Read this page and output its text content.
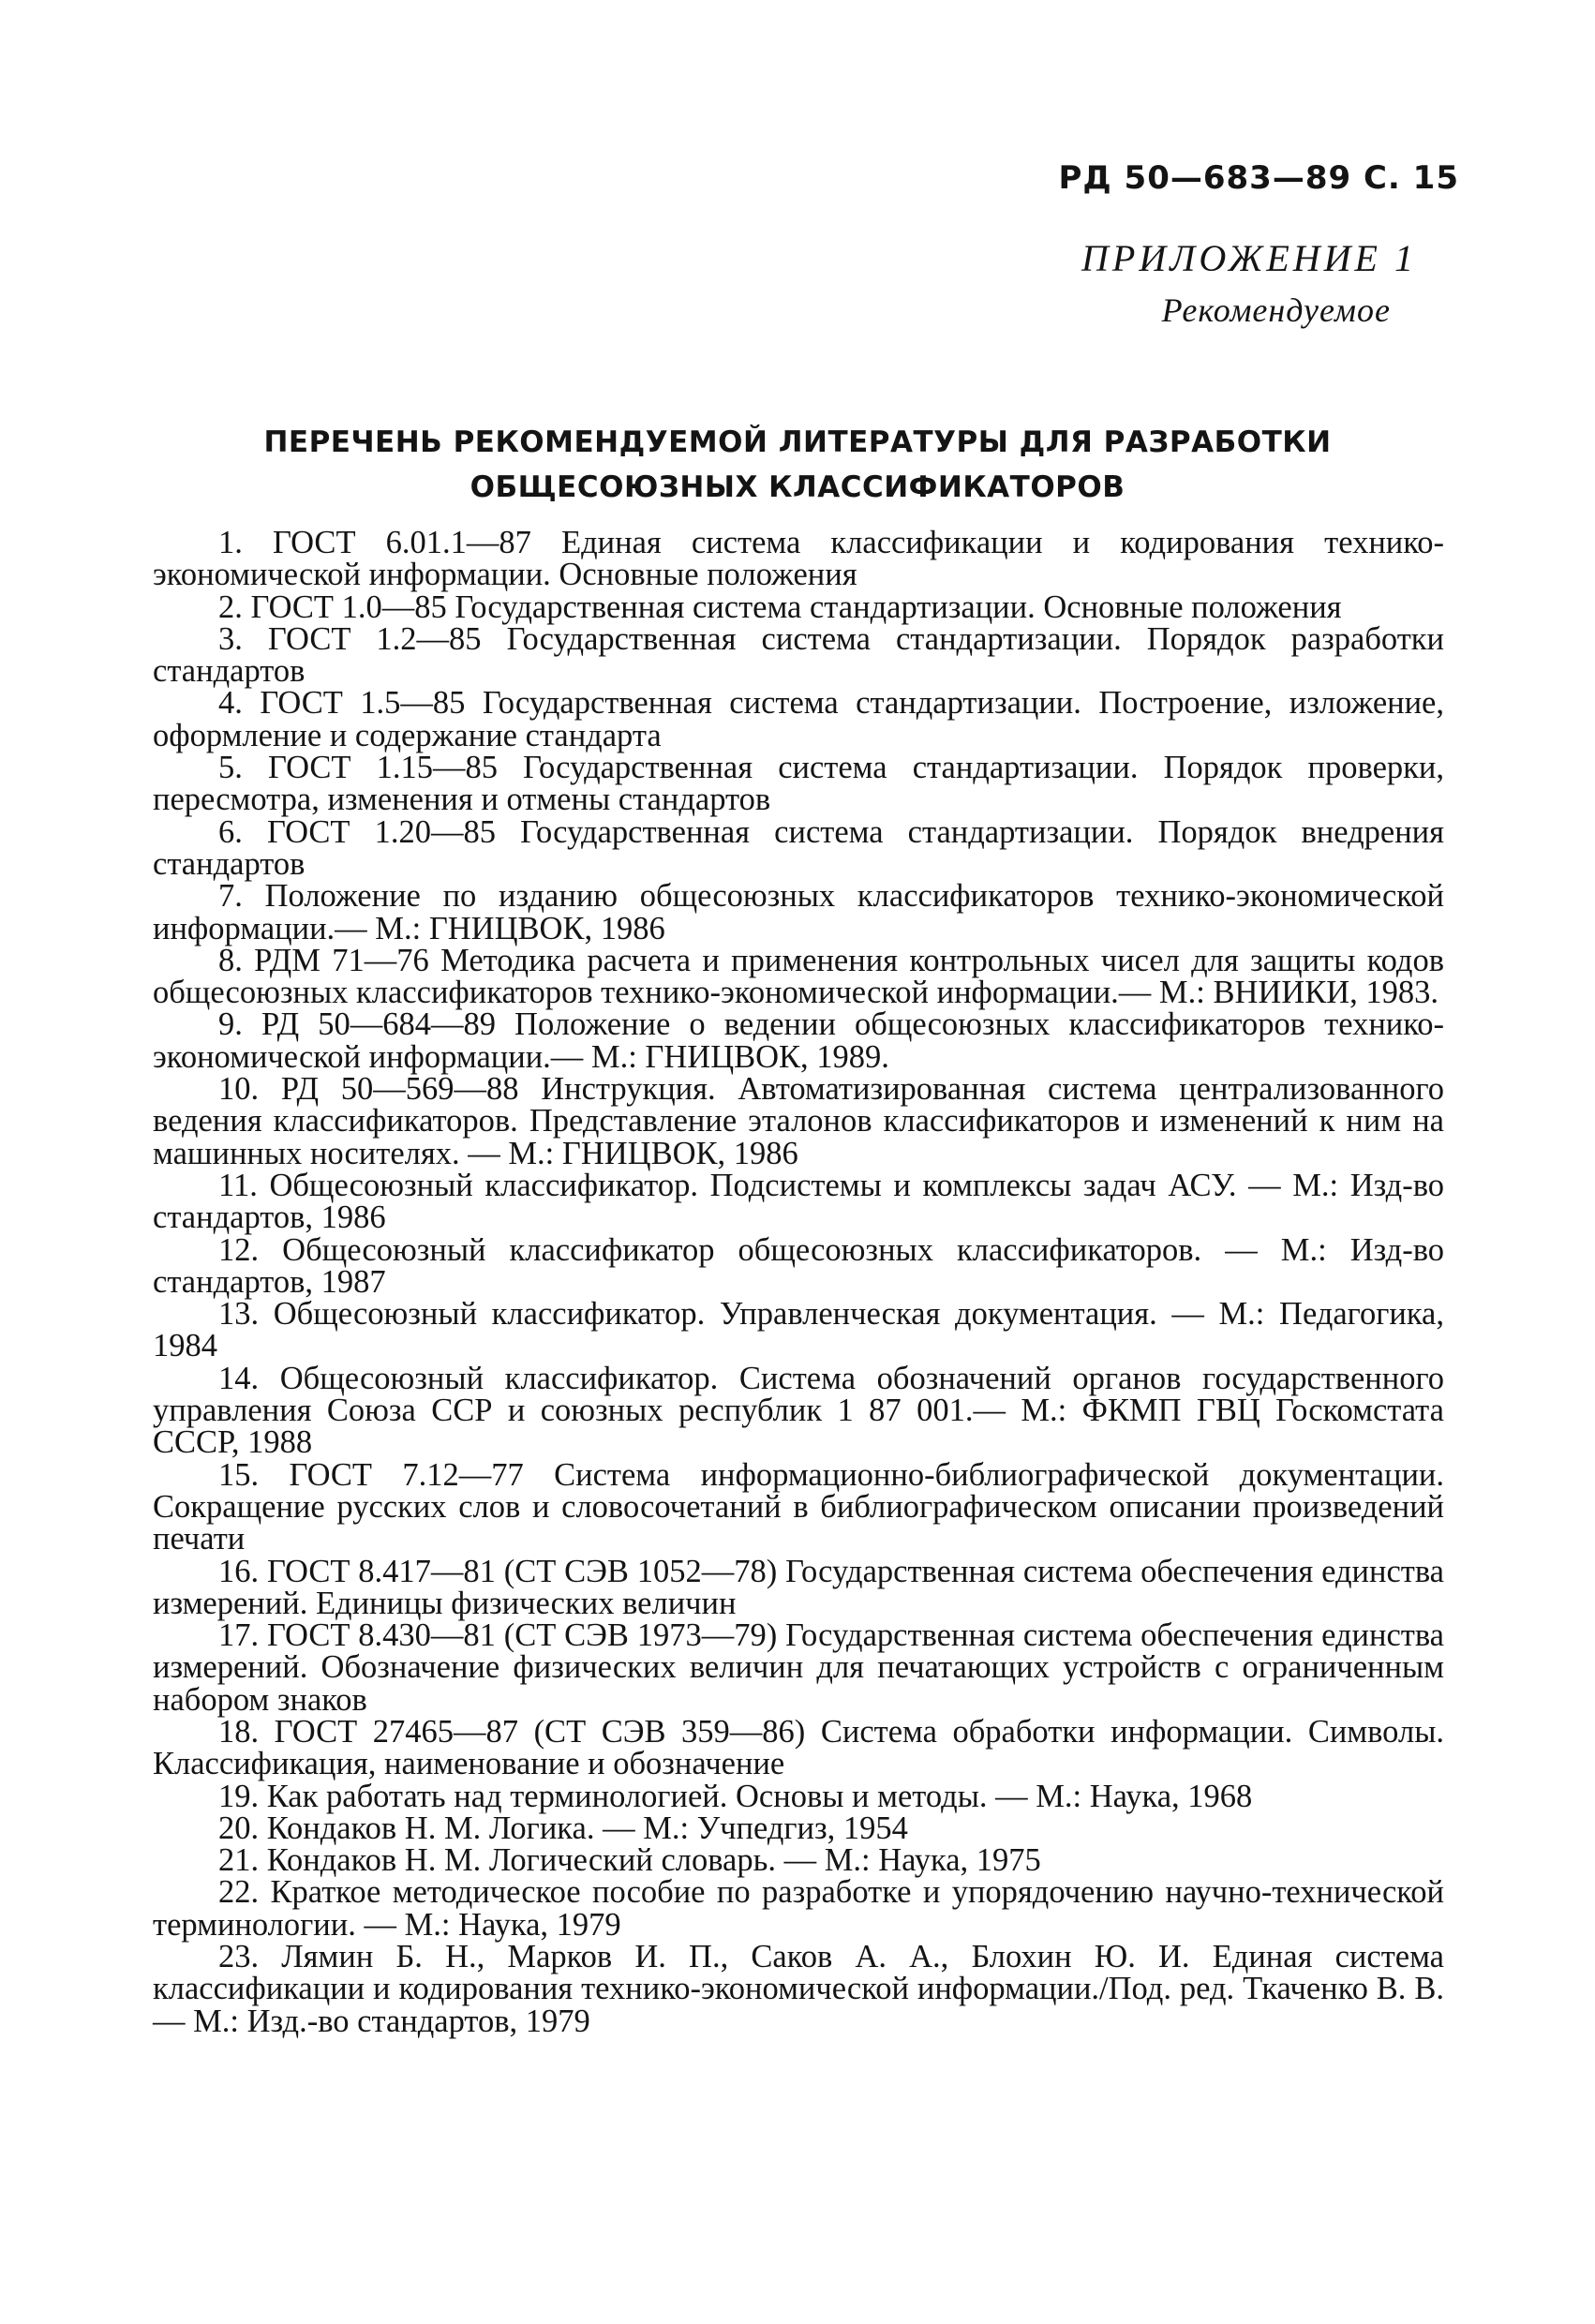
РД 50—683—89 С. 15
ПРИЛОЖЕНИЕ 1
Рекомендуемое
ПЕРЕЧЕНЬ РЕКОМЕНДУЕМОЙ ЛИТЕРАТУРЫ ДЛЯ РАЗРАБОТКИ
ОБЩЕСОЮЗНЫХ КЛАССИФИКАТОРОВ
1. ГОСТ 6.01.1—87 Единая система классификации и кодирования технико-экономической информации. Основные положения
2. ГОСТ 1.0—85 Государственная система стандартизации. Основные положения
3. ГОСТ 1.2—85 Государственная система стандартизации. Порядок разработки стандартов
4. ГОСТ 1.5—85 Государственная система стандартизации. Построение, изложение, оформление и содержание стандарта
5. ГОСТ 1.15—85 Государственная система стандартизации. Порядок проверки, пересмотра, изменения и отмены стандартов
6. ГОСТ 1.20—85 Государственная система стандартизации. Порядок внедрения стандартов
7. Положение по изданию общесоюзных классификаторов технико-экономической информации.— М.: ГНИЦВОК, 1986
8. РДМ 71—76 Методика расчета и применения контрольных чисел для защиты кодов общесоюзных классификаторов технико-экономической информации.— М.: ВНИИКИ, 1983.
9. РД 50—684—89 Положение о ведении общесоюзных классификаторов технико-экономической информации.— М.: ГНИЦВОК, 1989.
10. РД 50—569—88 Инструкция. Автоматизированная система централизованного ведения классификаторов. Представление эталонов классификаторов и изменений к ним на машинных носителях. — М.: ГНИЦВОК, 1986
11. Общесоюзный классификатор. Подсистемы и комплексы задач АСУ. — М.: Изд-во стандартов, 1986
12. Общесоюзный классификатор общесоюзных классификаторов. — М.: Изд-во стандартов, 1987
13. Общесоюзный классификатор. Управленческая документация. — М.: Педагогика, 1984
14. Общесоюзный классификатор. Система обозначений органов государственного управления Союза ССР и союзных республик 1 87 001.— М.: ФКМП ГВЦ Госкомстата СССР, 1988
15. ГОСТ 7.12—77 Система информационно-библиографической документации. Сокращение русских слов и словосочетаний в библиографическом описании произведений печати
16. ГОСТ 8.417—81 (СТ СЭВ 1052—78) Государственная система обеспечения единства измерений. Единицы физических величин
17. ГОСТ 8.430—81 (СТ СЭВ 1973—79) Государственная система обеспечения единства измерений. Обозначение физических величин для печатающих устройств с ограниченным набором знаков
18. ГОСТ 27465—87 (СТ СЭВ 359—86) Система обработки информации. Символы. Классификация, наименование и обозначение
19. Как работать над терминологией. Основы и методы. — М.: Наука, 1968
20. Кондаков Н. М. Логика. — М.: Учпедгиз, 1954
21. Кондаков Н. М. Логический словарь. — М.: Наука, 1975
22. Краткое методическое пособие по разработке и упорядочению научно-технической терминологии. — М.: Наука, 1979
23. Лямин Б. Н., Марков И. П., Саков А. А., Блохин Ю. И. Единая система классификации и кодирования технико-экономической информации./Под. ред. Ткаченко В. В. — М.: Изд.-во стандартов, 1979
